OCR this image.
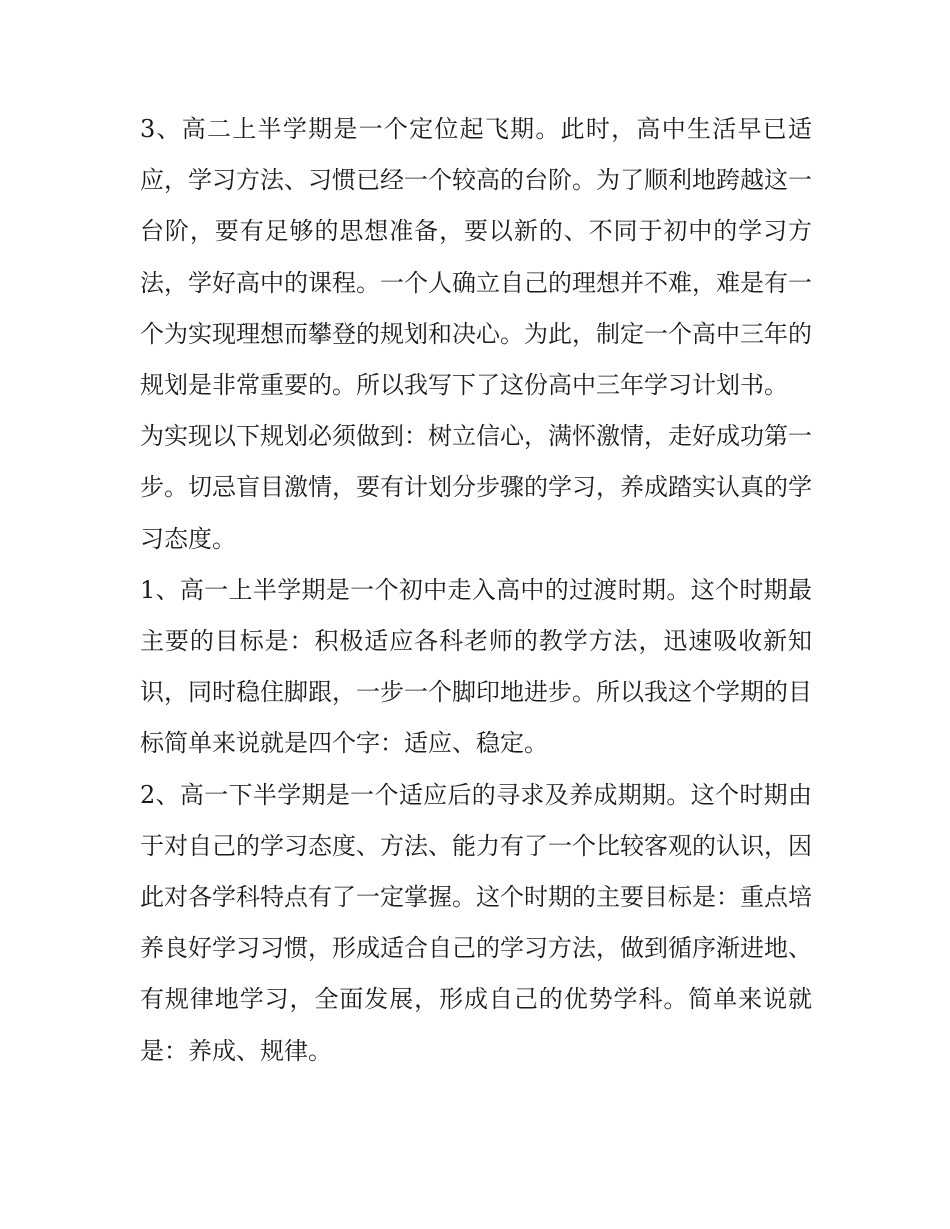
3、高二上半学期是一个定位起飞期。此时，高中生活早已适应，学习方法、习惯已经一个较高的台阶。为了顺利地跨越这一台阶，要有足够的思想准备，要以新的、不同于初中的学习方法，学好高中的课程。一个人确立自己的理想并不难，难是有一个为实现理想而攀登的规划和决心。为此，制定一个高中三年的规划是非常重要的。所以我写下了这份高中三年学习计划书。

为实现以下规划必须做到：树立信心，满怀激情，走好成功第一步。切忌盲目激情，要有计划分步骤的学习，养成踏实认真的学习态度。

1、高一上半学期是一个初中走入高中的过渡时期。这个时期最主要的目标是：积极适应各科老师的教学方法，迅速吸收新知识，同时稳住脚跟，一步一个脚印地进步。所以我这个学期的目标简单来说就是四个字：适应、稳定。

2、高一下半学期是一个适应后的寻求及养成期期。这个时期由于对自己的学习态度、方法、能力有了一个比较客观的认识，因此对各学科特点有了一定掌握。这个时期的主要目标是：重点培养良好学习习惯，形成适合自己的学习方法，做到循序渐进地、有规律地学习，全面发展，形成自己的优势学科。简单来说就是：养成、规律。
